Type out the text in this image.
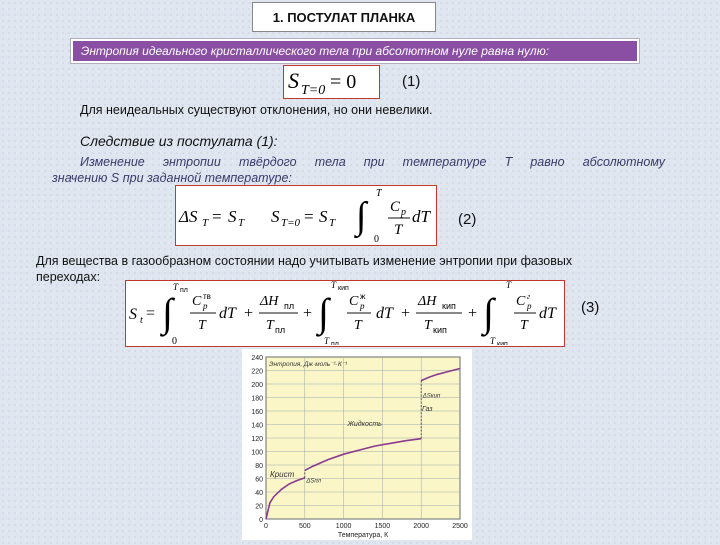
1. ПОСТУЛАТ ПЛАНКА
Энтропия идеального кристаллического тела при абсолютном нуле равна нулю:
S T=0 = 0	(1)
Для неидеальных существуют отклонения, но они невелики.
Следствие из постулата (1):
Изменение энтропии твёрдого тела при температуре T равно абсолютному
значению S при заданной температуре:
ΔS T = S T S T=0 = S T ∫
T
0
C p
T
dT (2)
Для вещества в газообразном состоянии надо учитывать изменение энтропии при фазовых
переходах:
S t = ∫
T пл
0
C тв
p
T
dT +
ΔH пл
T пл
+ ∫
T кип
T пл
C ж
p
T
dT +
ΔH кип
T кип
+ ∫
T
T кип
C г
p
T
dT (3)
0
20
40
60
80
100
120
140
160
180
200
220
240
0	500	1000	1500	2000	2500
Энтропия, Дж·моль⁻¹·К⁻¹
Температура, К
Крист
Жидкость
Газ
ΔSпл
ΔSкип
